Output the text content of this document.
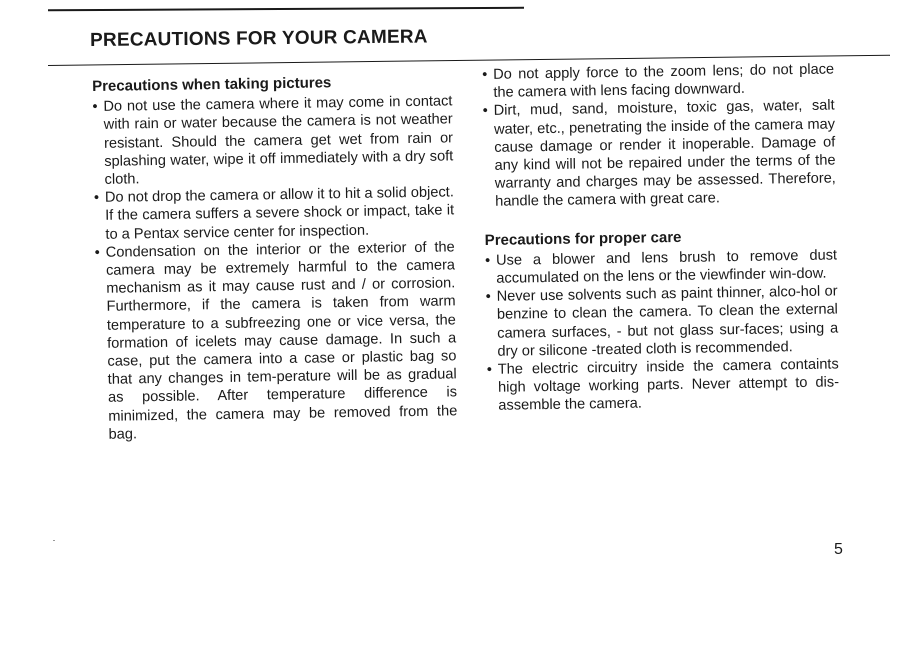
PRECAUTIONS FOR YOUR CAMERA
Precautions when taking pictures
• Do not use the camera where it may come in contact with rain or water because the camera is not weather resistant. Should the camera get wet from rain or splashing water, wipe it off immediately with a dry soft cloth.
• Do not drop the camera or allow it to hit a solid object. If the camera suffers a severe shock or impact, take it to a Pentax service center for inspection.
• Condensation on the interior or the exterior of the camera may be extremely harmful to the camera mechanism as it may cause rust and / or corrosion. Furthermore, if the camera is taken from warm temperature to a subfreezing one or vice versa, the formation of icelets may cause damage. In such a case, put the camera into a case or plastic bag so that any changes in tem-perature will be as gradual as possible. After temperature difference is minimized, the camera may be removed from the bag.
• Do not apply force to the zoom lens; do not place the camera with lens facing downward.
• Dirt, mud, sand, moisture, toxic gas, water, salt water, etc., penetrating the inside of the camera may cause damage or render it inoperable. Damage of any kind will not be repaired under the terms of the warranty and charges may be assessed. Therefore, handle the camera with great care.
Precautions for proper care
• Use a blower and lens brush to remove dust accumulated on the lens or the viewfinder win-dow.
• Never use solvents such as paint thinner, alco-hol or benzine to clean the camera. To clean the external camera surfaces, - but not glass sur-faces; using a dry or silicone -treated cloth is recommended.
• The electric circuitry inside the camera containts high voltage working parts. Never attempt to dis-assemble the camera.
5
